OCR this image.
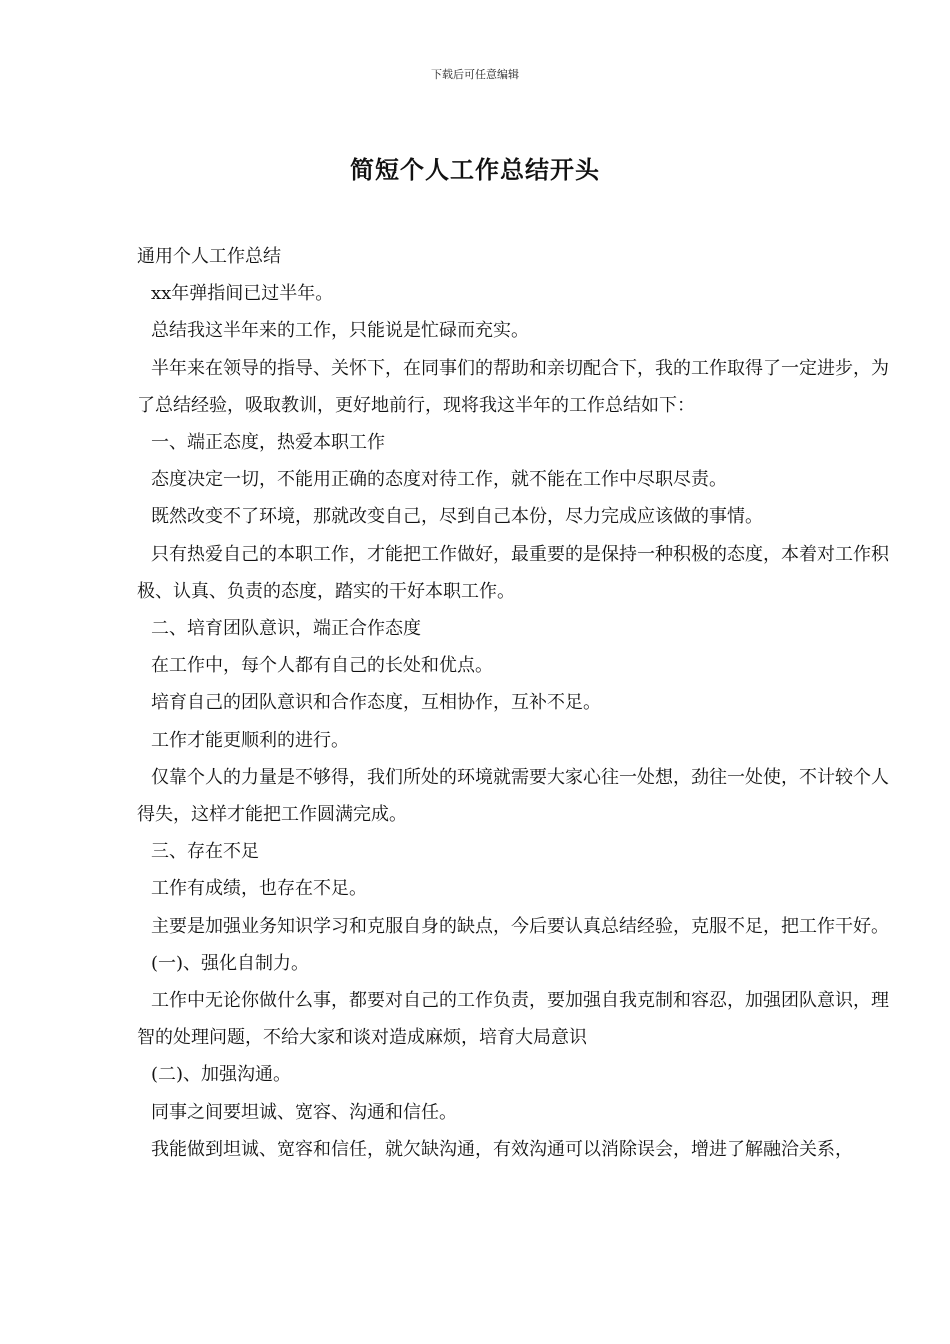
下载后可任意编辑
简短个人工作总结开头

通用个人工作总结

xx年弹指间已过半年。

总结我这半年来的工作，只能说是忙碌而充实。

半年来在领导的指导、关怀下，在同事们的帮助和亲切配合下，我的工作取得了一定进步，为了总结经验，吸取教训，更好地前行，现将我这半年的工作总结如下：

一、端正态度，热爱本职工作

态度决定一切，不能用正确的态度对待工作，就不能在工作中尽职尽责。

既然改变不了环境，那就改变自己，尽到自己本份，尽力完成应该做的事情。

只有热爱自己的本职工作，才能把工作做好，最重要的是保持一种积极的态度，本着对工作积极、认真、负责的态度，踏实的干好本职工作。

二、培育团队意识，端正合作态度

在工作中，每个人都有自己的长处和优点。

培育自己的团队意识和合作态度，互相协作，互补不足。

工作才能更顺利的进行。

仅靠个人的力量是不够得，我们所处的环境就需要大家心往一处想，劲往一处使，不计较个人得失，这样才能把工作圆满完成。

三、存在不足

工作有成绩，也存在不足。

主要是加强业务知识学习和克服自身的缺点，今后要认真总结经验，克服不足，把工作干好。

(一)、强化自制力。

工作中无论你做什么事，都要对自己的工作负责，要加强自我克制和容忍，加强团队意识，理智的处理问题，不给大家和谈对造成麻烦，培育大局意识

(二)、加强沟通。

同事之间要坦诚、宽容、沟通和信任。

我能做到坦诚、宽容和信任，就欠缺沟通，有效沟通可以消除误会，增进了解融洽关系，
